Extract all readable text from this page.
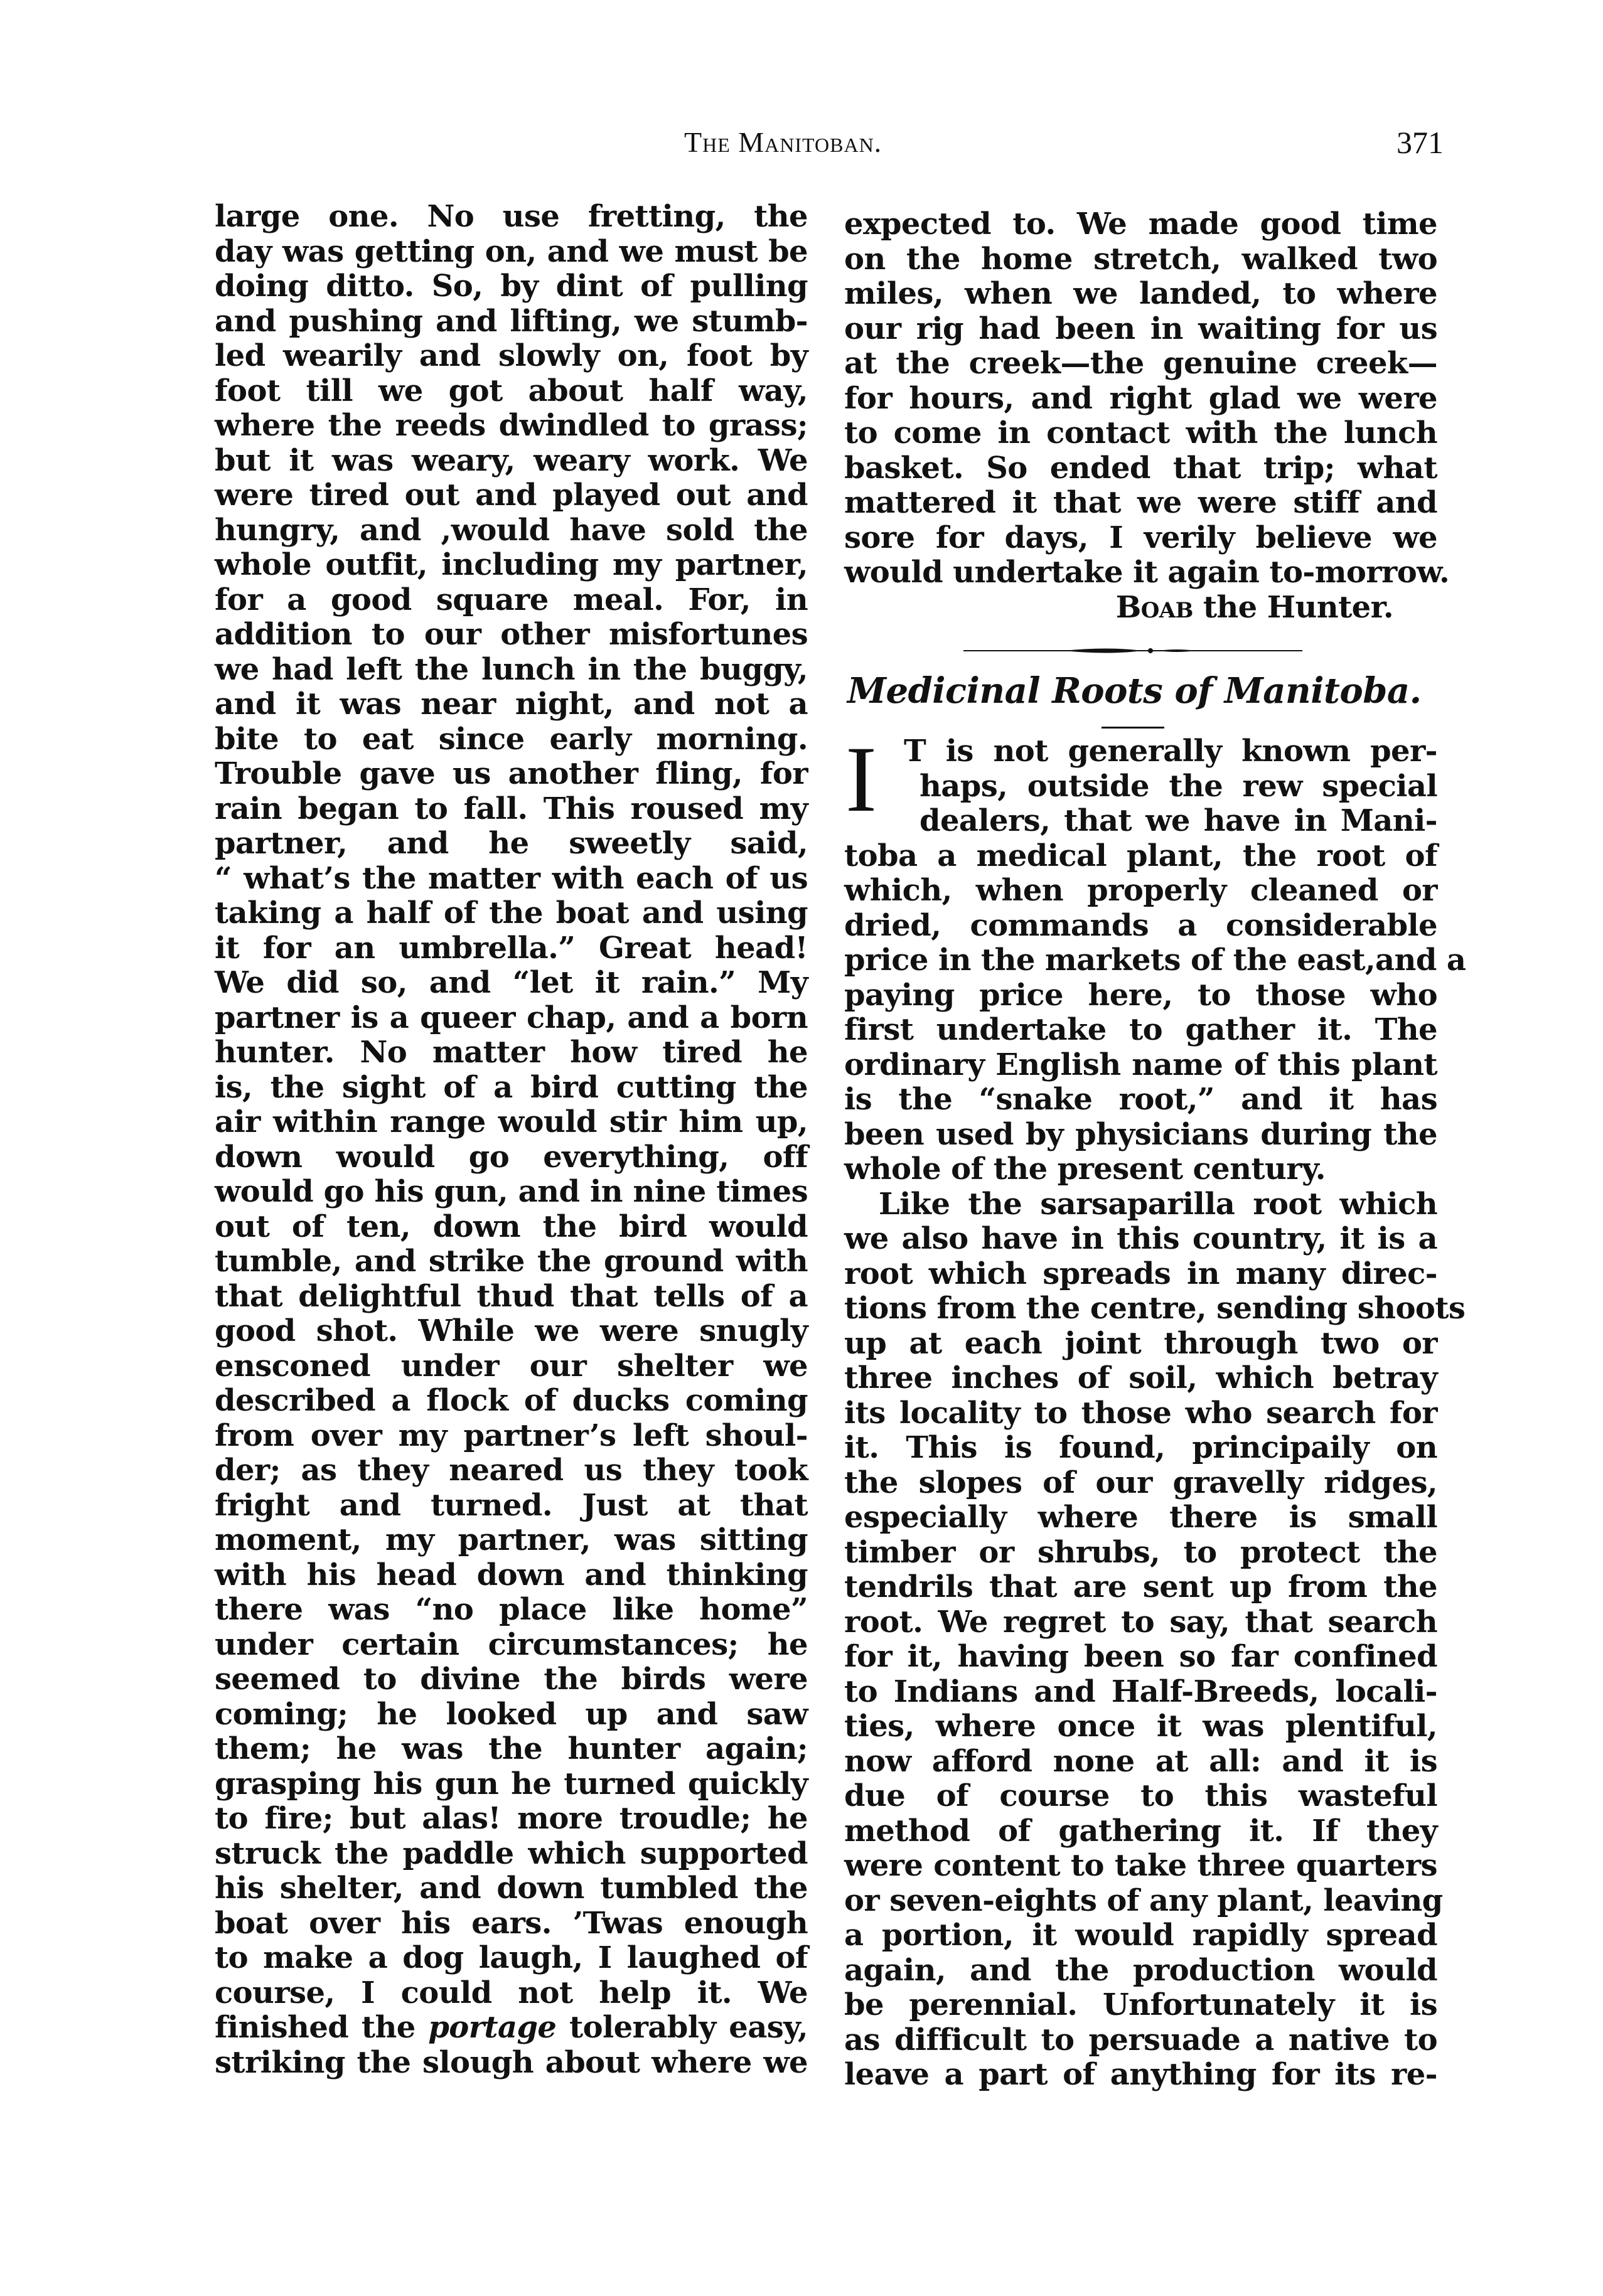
The Manitoban.	371
large one. No use fretting, the
day was getting on, and we must be
doing ditto. So, by dint of pulling
and pushing and lifting, we stumb-
led wearily and slowly on, foot by
foot till we got about half way,
where the reeds dwindled to grass;
but it was weary, weary work. We
were tired out and played out and
hungry, and ,would have sold the
whole outfit, including my partner,
for a good square meal. For, in
addition to our other misfortunes
we had left the lunch in the buggy,
and it was near night, and not a
bite to eat since early morning.
Trouble gave us another fling, for
rain began to fall. This roused my
partner, and he sweetly said,
“ what’s the matter with each of us
taking a half of the boat and using
it for an umbrella.” Great head!
We did so, and “let it rain.” My
partner is a queer chap, and a born
hunter. No matter how tired he
is, the sight of a bird cutting the
air within range would stir him up,
down would go everything, off
would go his gun, and in nine times
out of ten, down the bird would
tumble, and strike the ground with
that delightful thud that tells of a
good shot. While we were snugly
ensconed under our shelter we
described a flock of ducks coming
from over my partner’s left shoul-
der; as they neared us they took
fright and turned. Just at that
moment, my partner, was sitting
with his head down and thinking
there was “no place like home”
under certain circumstances; he
seemed to divine the birds were
coming; he looked up and saw
them; he was the hunter again;
grasping his gun he turned quickly
to fire; but alas! more troudle; he
struck the paddle which supported
his shelter, and down tumbled the
boat over his ears. ’Twas enough
to make a dog laugh, I laughed of
course, I could not help it. We
finished the portage tolerably easy,
striking the slough about where we
expected to. We made good time
on the home stretch, walked two
miles, when we landed, to where
our rig had been in waiting for us
at the creek—the genuine creek—
for hours, and right glad we were
to come in contact with the lunch
basket. So ended that trip; what
mattered it that we were stiff and
sore for days, I verily believe we
would undertake it again to-morrow.
Boab the Hunter.
Medicinal Roots of Manitoba.
I T is not generally known per-
haps, outside the rew special
dealers, that we have in Mani-
toba a medical plant, the root of
which, when properly cleaned or
dried, commands a considerable
price in the markets of the east,and a
paying price here, to those who
first undertake to gather it. The
ordinary English name of this plant
is the “snake root,” and it has
been used by physicians during the
whole of the present century.
Like the sarsaparilla root which
we also have in this country, it is a
root which spreads in many direc-
tions from the centre, sending shoots
up at each joint through two or
three inches of soil, which betray
its locality to those who search for
it. This is found, principaily on
the slopes of our gravelly ridges,
especially where there is small
timber or shrubs, to protect the
tendrils that are sent up from the
root. We regret to say, that search
for it, having been so far confined
to Indians and Half-Breeds, locali-
ties, where once it was plentiful,
now afford none at all: and it is
due of course to this wasteful
method of gathering it. If they
were content to take three quarters
or seven-eights of any plant, leaving
a portion, it would rapidly spread
again, and the production would
be perennial. Unfortunately it is
as difficult to persuade a native to
leave a part of anything for its re-
